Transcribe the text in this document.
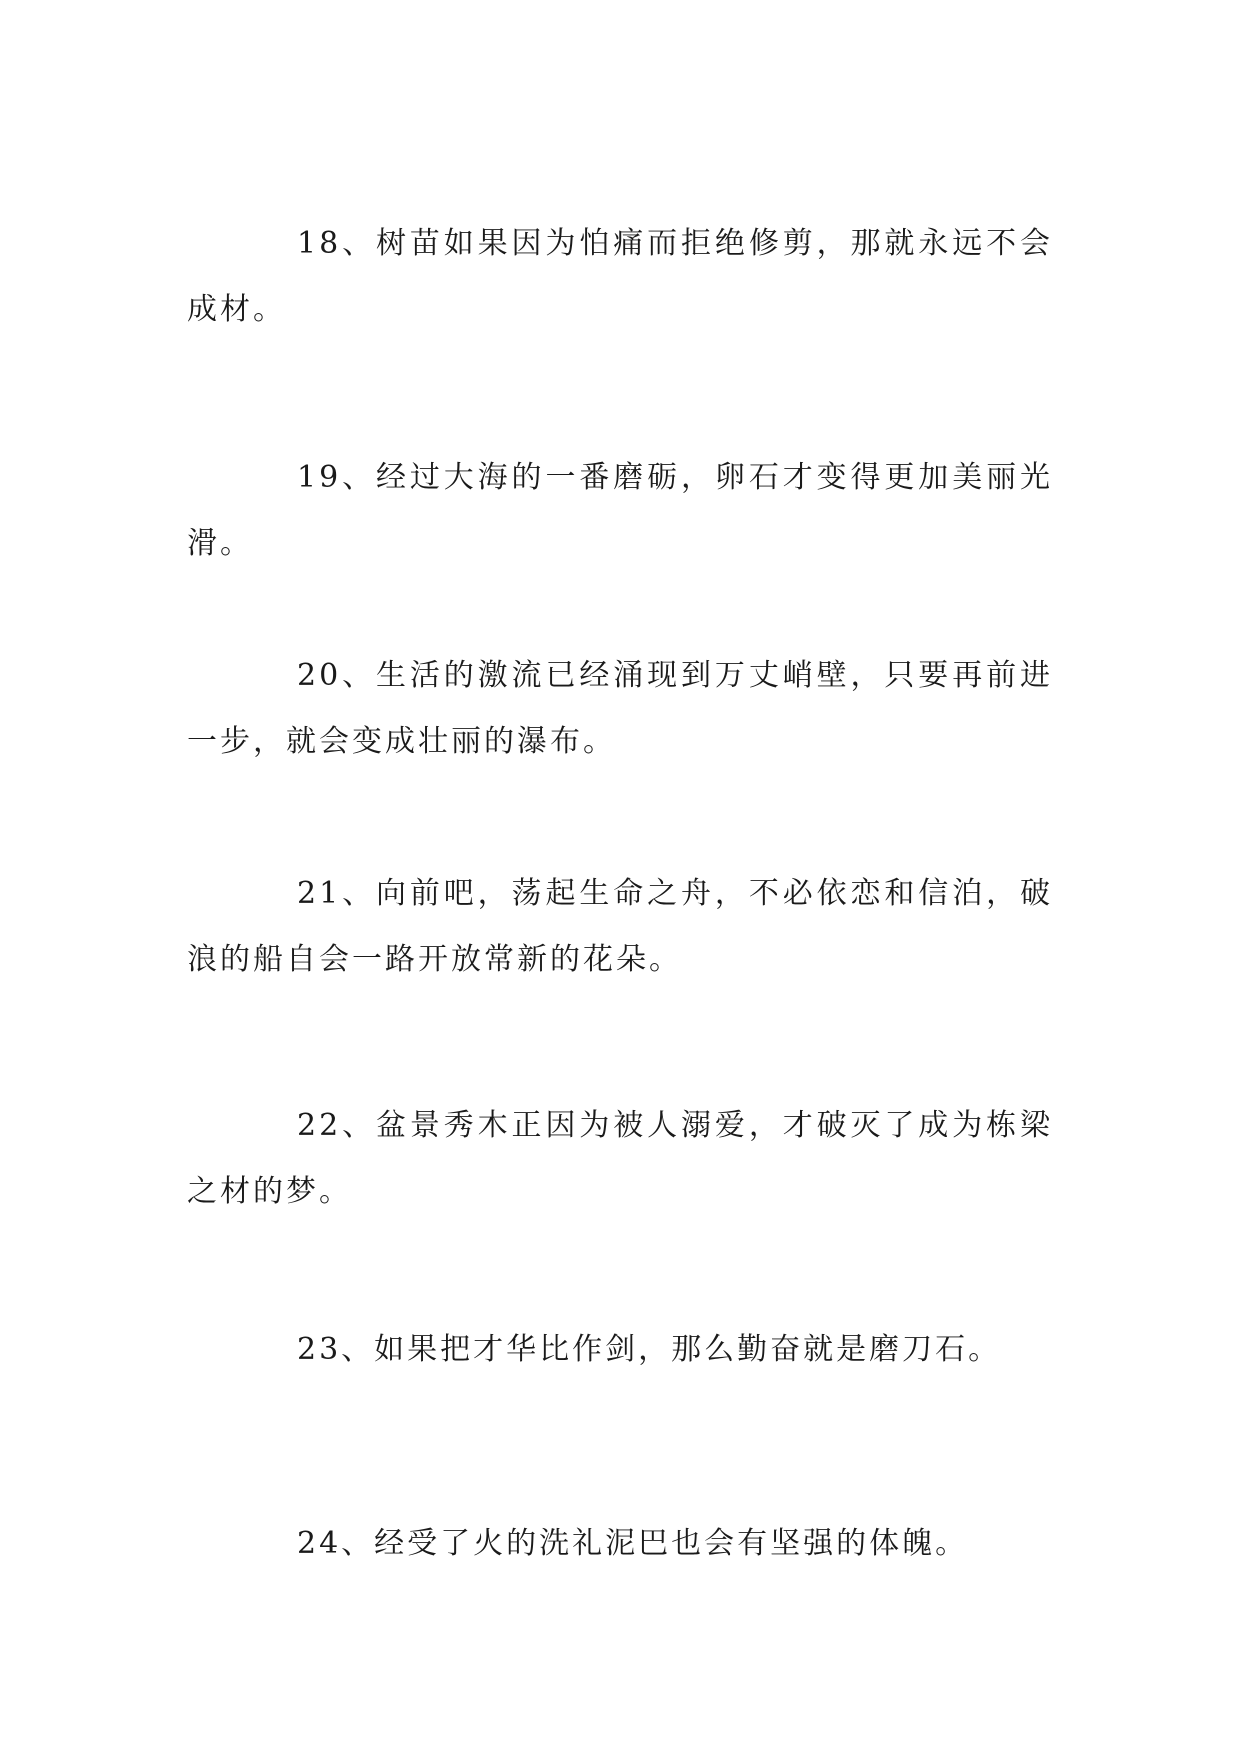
18、树苗如果因为怕痛而拒绝修剪，那就永远不会成材。

19、经过大海的一番磨砺，卵石才变得更加美丽光滑。

20、生活的激流已经涌现到万丈峭壁，只要再前进一步，就会变成壮丽的瀑布。

21、向前吧，荡起生命之舟，不必依恋和信泊，破浪的船自会一路开放常新的花朵。

22、盆景秀木正因为被人溺爱，才破灭了成为栋梁之材的梦。

23、如果把才华比作剑，那么勤奋就是磨刀石。

24、经受了火的洗礼泥巴也会有坚强的体魄。
